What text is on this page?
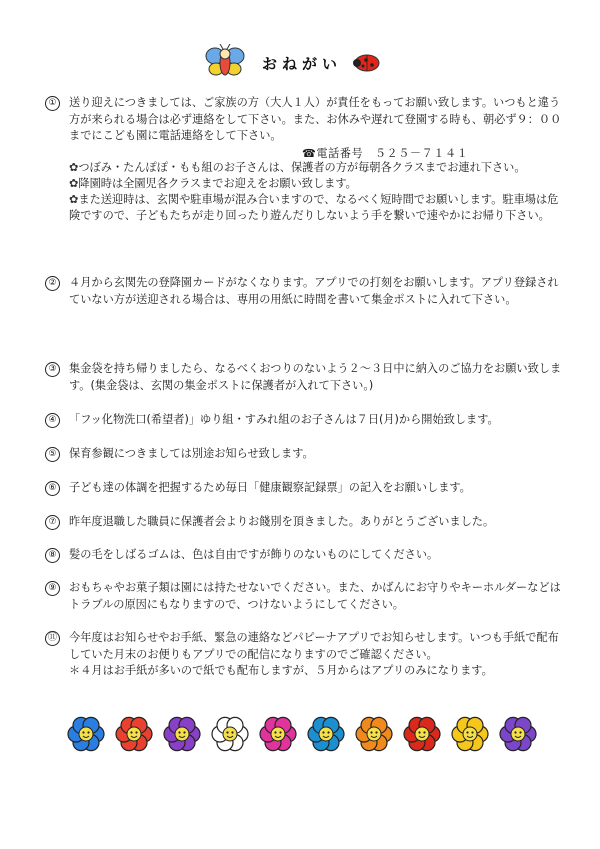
おねがい
①	送り迎えにつきましては、ご家族の方（大人１人）が責任をもってお願い致します。いつもと違う方が来られる場合は必ず連絡をして下さい。また、お休みや遅れて登園する時も、朝必ず９：００までにこども園に電話連絡をして下さい。
☎電話番号　５２５－７１４１
✿つぼみ・たんぽぽ・もも組のお子さんは、保護者の方が毎朝各クラスまでお連れ下さい。
✿降園時は全園児各クラスまでお迎えをお願い致します。
✿また送迎時は、玄関や駐車場が混み合いますので、なるべく短時間でお願いします。駐車場は危険ですので、子どもたちが走り回ったり遊んだりしないよう手を繋いで速やかにお帰り下さい。
②	４月から玄関先の登降園カードがなくなります。アプリでの打刻をお願いします。アプリ登録されていない方が送迎される場合は、専用の用紙に時間を書いて集金ポストに入れて下さい。
③	集金袋を持ち帰りましたら、なるべくおつりのないよう２～３日中に納入のご協力をお願い致します。(集金袋は、玄関の集金ポストに保護者が入れて下さい。)
④	「フッ化物洗口(希望者)」ゆり組・すみれ組のお子さんは７日(月)から開始致します。
⑤	保育参観につきましては別途お知らせ致します。
⑥	子ども達の体調を把握するため毎日「健康観察記録票」の記入をお願いします。
⑦	昨年度退職した職員に保護者会よりお餞別を頂きました。ありがとうございました。
⑧	髪の毛をしばるゴムは、色は自由ですが飾りのないものにしてください。
⑨	おもちゃやお菓子類は園には持たせないでください。また、かばんにお守りやキーホルダーなどはトラブルの原因にもなりますので、つけないようにしてください。
⑪ 今年度はお知らせやお手紙、緊急の連絡などパピーナアプリでお知らせします。いつも手紙で配布していた月末のお便りもアプリでの配信になりますのでご確認ください。
＊４月はお手紙が多いので紙でも配布しますが、５月からはアプリのみになります。
